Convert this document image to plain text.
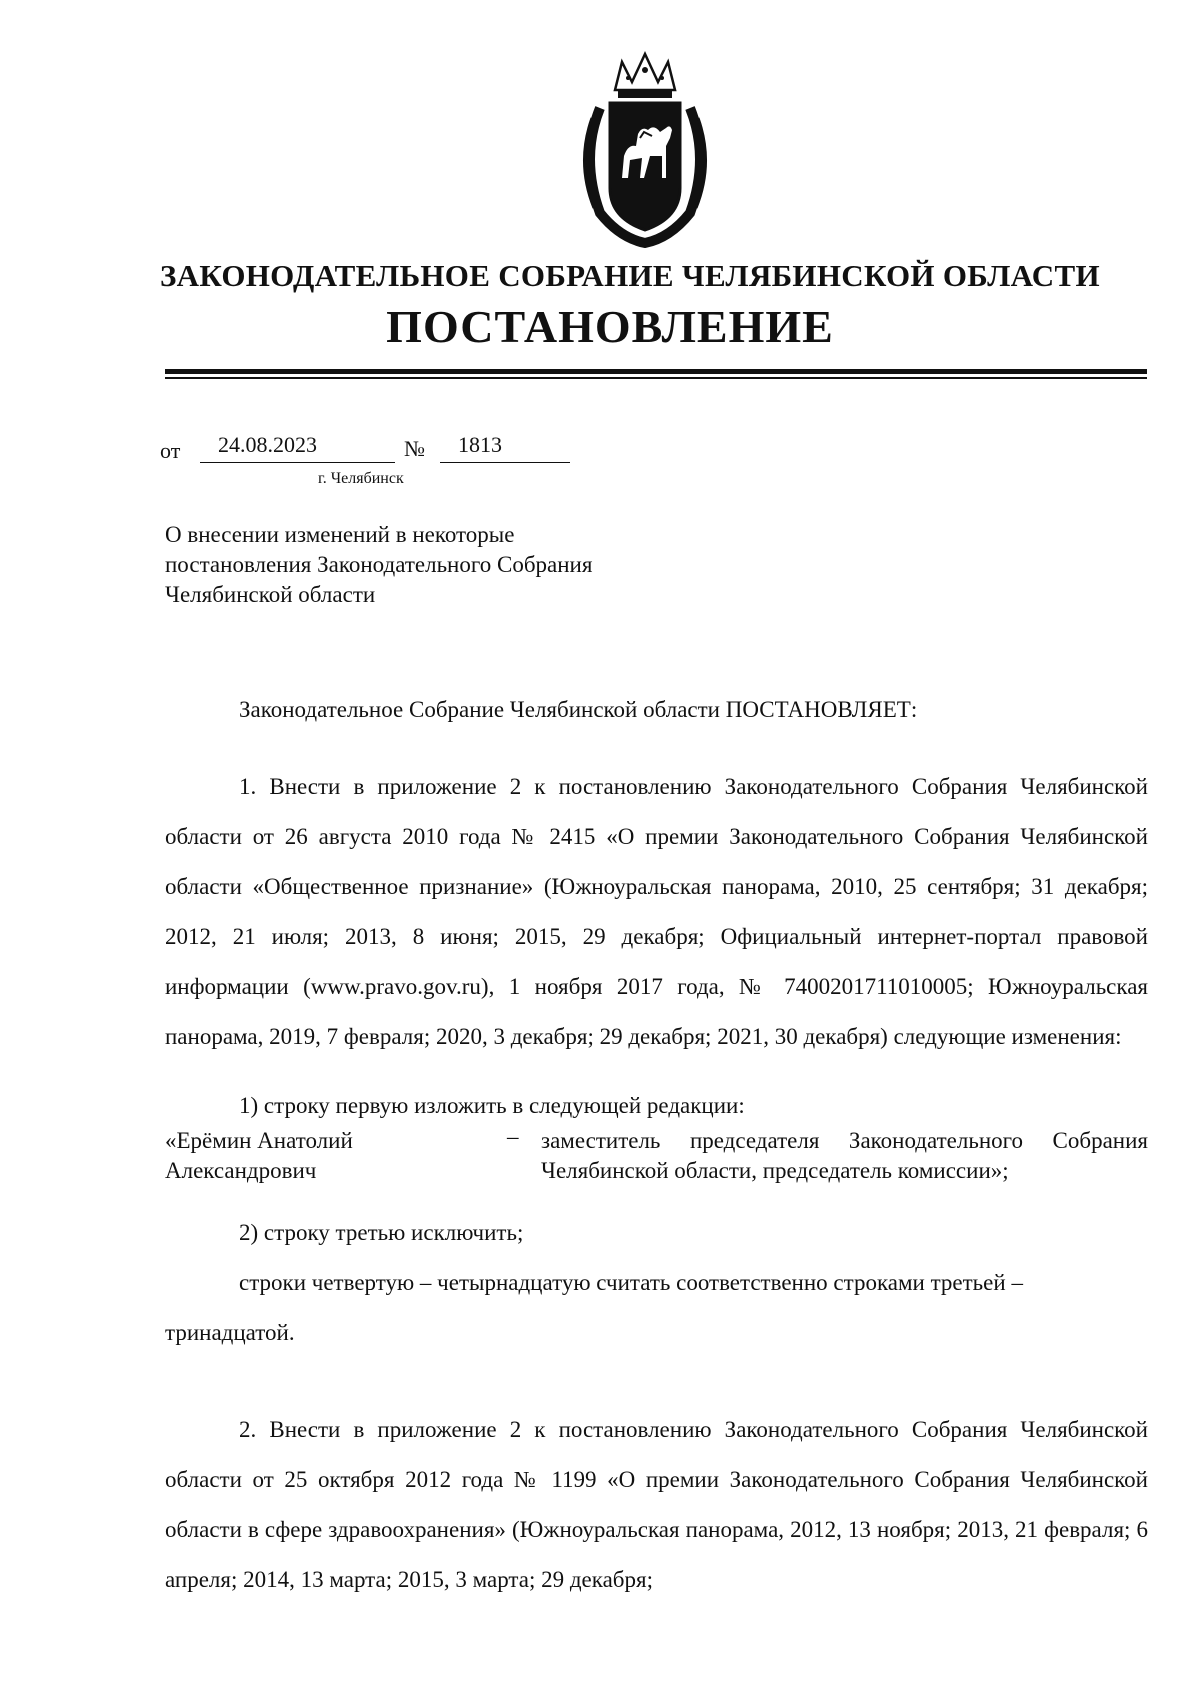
ЗАКОНОДАТЕЛЬНОЕ СОБРАНИЕ ЧЕЛЯБИНСКОЙ ОБЛАСТИ
ПОСТАНОВЛЕНИЕ
от 24.08.2023	№ 1813
г. Челябинск
О внесении изменений в некоторые постановления Законодательного Собрания Челябинской области
Законодательное Собрание Челябинской области ПОСТАНОВЛЯЕТ:
1. Внести в приложение 2 к постановлению Законодательного Собрания Челябинской области от 26 августа 2010 года № 2415 «О премии Законодательного Собрания Челябинской области «Общественное признание» (Южноуральская панорама, 2010, 25 сентября; 31 декабря; 2012, 21 июля; 2013, 8 июня; 2015, 29 декабря; Официальный интернет-портал правовой информации (www.pravo.gov.ru), 1 ноября 2017 года, № 7400201711010005; Южноуральская панорама, 2019, 7 февраля; 2020, 3 декабря; 29 декабря; 2021, 30 декабря) следующие изменения:
1) строку первую изложить в следующей редакции:
«Ерёмин Анатолий Александрович
– заместитель председателя Законодательного Собрания Челябинской области, председатель комиссии»;
2) строку третью исключить;
строки четвертую – четырнадцатую считать соответственно строками третьей –
тринадцатой.
2. Внести в приложение 2 к постановлению Законодательного Собрания Челябинской области от 25 октября 2012 года № 1199 «О премии Законодательного Собрания Челябинской области в сфере здравоохранения» (Южноуральская панорама, 2012, 13 ноября; 2013, 21 февраля; 6 апреля; 2014, 13 марта; 2015, 3 марта; 29 декабря;
